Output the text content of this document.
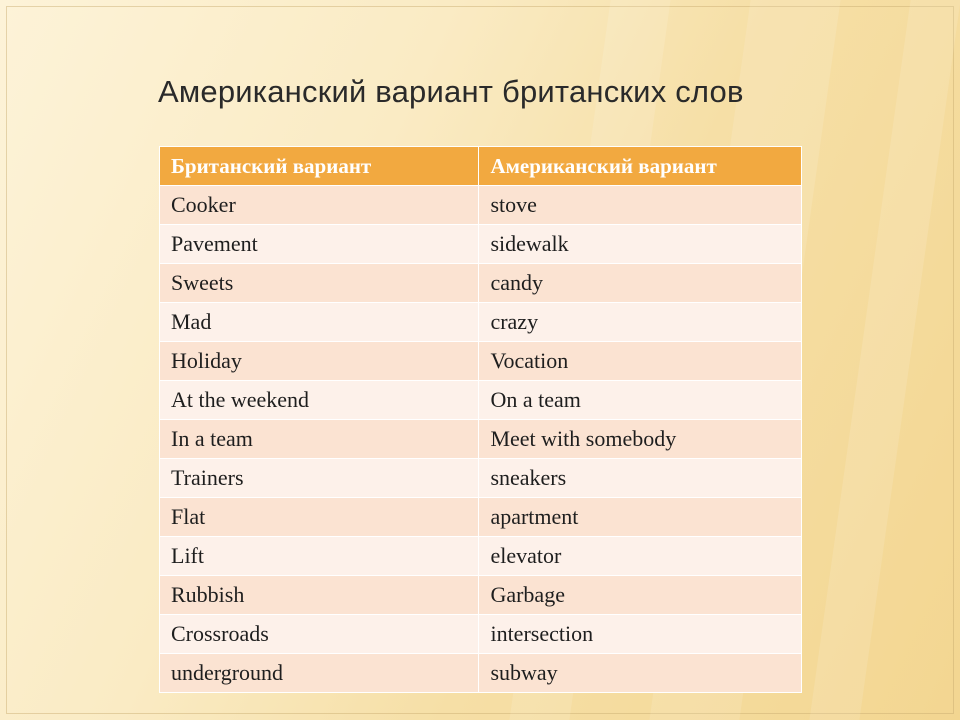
Американский вариант британских слов
Британский вариант	Американский вариант
Cooker	stove
Pavement	sidewalk
Sweets	candy
Mad	crazy
Holiday	Vocation
At the weekend	On a team
In a team	Meet with somebody
Trainers	sneakers
Flat	apartment
Lift	elevator
Rubbish	Garbage
Crossroads	intersection
underground	subway
